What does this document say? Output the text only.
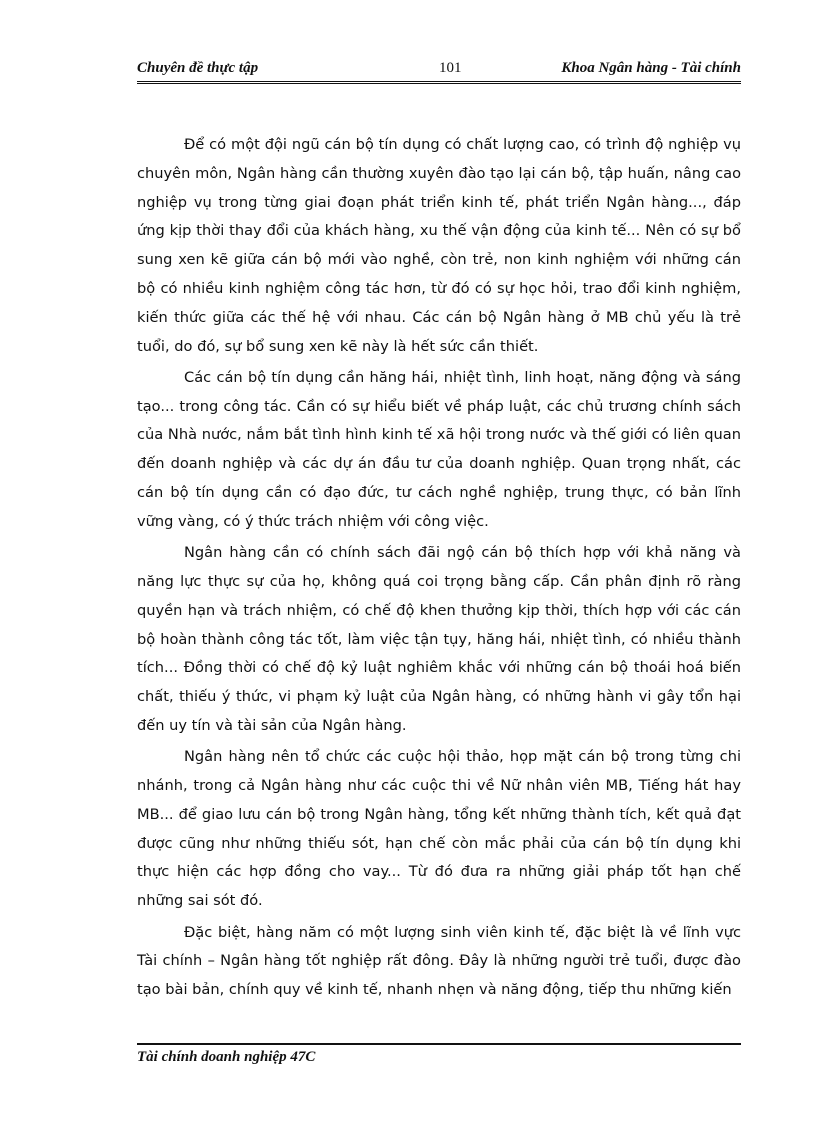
Chuyên đề thực tập	101	Khoa Ngân hàng - Tài chính

Để có một đội ngũ cán bộ tín dụng có chất lượng cao, có trình độ nghiệp vụ chuyên môn, Ngân hàng cần thường xuyên đào tạo lại cán bộ, tập huấn, nâng cao nghiệp vụ trong từng giai đoạn phát triển kinh tế, phát triển Ngân hàng..., đáp ứng kịp thời thay đổi của khách hàng, xu thế vận động của kinh tế... Nên có sự bổ sung xen kẽ giữa cán bộ mới vào nghề, còn trẻ, non kinh nghiệm với những cán bộ có nhiều kinh nghiệm công tác hơn, từ đó có sự học hỏi, trao đổi kinh nghiệm, kiến thức giữa các thế hệ với nhau. Các cán bộ Ngân hàng ở MB chủ yếu là trẻ tuổi, do đó, sự bổ sung xen kẽ này là hết sức cần thiết.

Các cán bộ tín dụng cần hăng hái, nhiệt tình, linh hoạt, năng động và sáng tạo... trong công tác. Cần có sự hiểu biết về pháp luật, các chủ trương chính sách của Nhà nước, nắm bắt tình hình kinh tế xã hội trong nước và thế giới có liên quan đến doanh nghiệp và các dự án đầu tư của doanh nghiệp. Quan trọng nhất, các cán bộ tín dụng cần có đạo đức, tư cách nghề nghiệp, trung thực, có bản lĩnh vững vàng, có ý thức trách nhiệm với công việc.

Ngân hàng cần có chính sách đãi ngộ cán bộ thích hợp với khả năng và năng lực thực sự của họ, không quá coi trọng bằng cấp. Cần phân định rõ ràng quyền hạn và trách nhiệm, có chế độ khen thưởng kịp thời, thích hợp với các cán bộ hoàn thành công tác tốt, làm việc tận tụy, hăng hái, nhiệt tình, có nhiều thành tích... Đồng thời có chế độ kỷ luật nghiêm khắc với những cán bộ thoái hoá biến chất, thiếu ý thức, vi phạm kỷ luật của Ngân hàng, có những hành vi gây tổn hại đến uy tín và tài sản của Ngân hàng.

Ngân hàng nên tổ chức các cuộc hội thảo, họp mặt cán bộ trong từng chi nhánh, trong cả Ngân hàng như các cuộc thi về Nữ nhân viên MB, Tiếng hát hay MB... để giao lưu cán bộ trong Ngân hàng, tổng kết những thành tích, kết quả đạt được cũng như những thiếu sót, hạn chế còn mắc phải của cán bộ tín dụng khi thực hiện các hợp đồng cho vay... Từ đó đưa ra những giải pháp tốt hạn chế những sai sót đó.

Đặc biệt, hàng năm có một lượng sinh viên kinh tế, đặc biệt là về lĩnh vực Tài chính – Ngân hàng tốt nghiệp rất đông. Đây là những người trẻ tuổi, được đào tạo bài bản, chính quy về kinh tế, nhanh nhẹn và năng động, tiếp thu những kiến

Tài chính doanh nghiệp 47C
